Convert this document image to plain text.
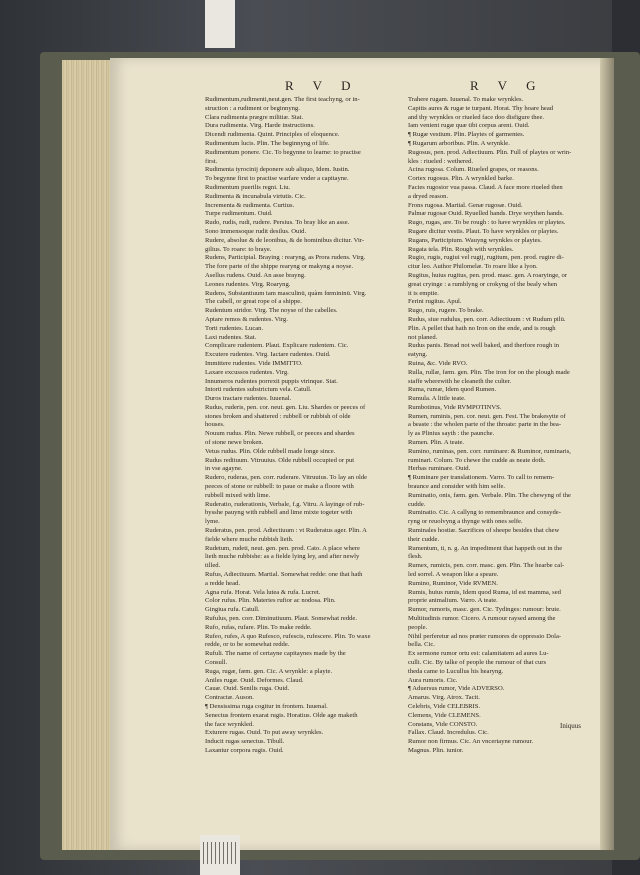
R V D	R V G
Rudimentum,rudimenti,neut.gen. The first teachyng, or in-
struction : a rudiment or beginnyng.
Clara rudimenta prægre militiæ. Stat.
Dura rudimenta. Virg. Harde instructions.
Dicendi rudimenta. Quint. Principles of eloquence.
Rudimentum lucis. Plin. The beginnyng of life.
Rudimentum ponere. Cic. To begynne to learne: to practise
first.
Rudimenta tyrocinij deponere sub aliquo, Idem. Iustin.
To begynne first to practise warfare vnder a capitayne.
Rudimentum puerilis regni. Liu.
Rudimenta & incunabula virtutis. Cic.
Incrementa & rudimenta. Curtius.
Turpe rudimentum. Ouid.
Rudo, rudis, rudi, rudere. Persius. To bray like an asse.
Sono immensoque rudit desilus. Ouid.
Rudere, absolue & de leonibus, & de hominibus dicitur. Vir-
gilius. To roare: to braye.
Rudens, Participial. Braying : rearyng, as Prora rudens. Virg.
The fore parte of the shippe rearyng or makyng a noyse.
Asellus rudens. Ouid. An asse brayng.
Leones rudentes. Virg. Roaryng.
Rudens, Substantiuum tam masculinū, quàm fœmininū. Virg.
The cabell, or great rope of a shippe.
Rudentum stridor. Virg. The noyse of the cabelles.
Aptare remos & rudentes. Virg.
Torti rudentes. Lucan.
Laxi rudentes. Stat.
Complicare rudentem. Plaut. Explicare rudentem. Cic.
Excutere rudentes. Virg. Iactare rudentes. Ouid.
Immittere rudentes. Vide IMMITTO.
Laxare excussos rudentes. Virg.
Innumeros rudentes porrexit puppis vtrinque. Stat.
Intorti rudentes substrictum vela. Catull.
Duros tractare rudentes. Iuuenal.
Rudus, ruderis, pen. cor. neut. gen. Liu. Shardes or peeces of
stones broken and shattered : rubbell or rubbish of olde
houses.
Nouum rudus. Plin. Newe rubbell, or peeces and shardes
of stone newe broken.
Vetus rudus. Plin. Olde rubbell made longe since.
Rudus redituum. Vitruuius. Olde rubbell occupied or put
in vse agayne.
Rudero, ruderas, pen. corr. ruderare. Vitruuius. To lay an olde
peeces of stone or rubbell: to paue or make a floore with
rubbell mixed with lime.
Ruderatio, ruderationis, Verbale, f.g. Vitru. A layinge of rub-
bysshe pauyng with rubbell and lime mixte togeter with
lyme.
Ruderatus, pen. prod. Adiectiuum : vt Ruderatus ager. Plin. A
fielde where muche rubbish lieth.
Rudetum, rudeti, neut. gen. pen. prod. Cato. A place where
lieth muche rubbishe: as a fielde lying ley, and after newly
tilled.
Rufus, Adiectiuum. Martial. Somewhat redde: one that hath
a redde head.
Agna rufa. Horat. Vela lutea & rufa. Lucret.
Color rufus. Plin. Materies rufior ac nodosa. Plin.
Gingiua rufa. Catull.
Rufulus, pen. corr. Diminutiuum. Plaut. Somewhat redde.
Rufo, rufas, rufare. Plin. To make redde.
Rufeo, rufes, A quo Rufesco, rufescis, rufescere. Plin. To waxe
redde, or to be somewhat redde.
Rufuli. The name of certayne capitaynes made by the
Consull.
Ruga, rugæ, fæm. gen. Cic. A wrynkle: a playte.
Aniles rugæ. Ouid. Deformes. Claud.
Cauæ. Ouid. Senilis ruga. Ouid.
Contractæ. Auson.
¶ Densissima ruga cogitur in frontem. Iuuenal.
Senectus frontem exarat rugis. Horatius. Olde age maketh
the face wrynkled.
Exturere rugas. Ouid. To put away wrynkles.
Inducit rugas senectus. Tibull.
Laxantur corpora rugis. Ouid.
Trahere rugam. Iuuenal. To make wrynkles.
Capitis aures & rugæ te turpant. Horat. Thy hoare head
and thy wrynkles or riueled face doo disfigure thee.
Iam venient rugæ quæ tibi corpus arent. Ouid.
¶ Rugæ vestium. Plin. Playtes of garmentes.
¶ Rugarum arboribus. Plin. A wrynkle.
Rugosus, pen. prod. Adiectiuum. Plin. Full of playtes or wrin-
kles : riueled : wethered.
Acina rugosa. Colum. Riueled grapes, or reasons.
Cortex rugosus. Plin. A wrynkled barke.
Facies rugosior vua passa. Claud. A face more riueled then
a dryed reason.
Frons rugosa. Martial. Genæ rugosæ. Ouid.
Palmæ rugosæ Ouid. Ryuelled hands. Drye wrythen hands.
Rugo, rugas, are. To be rough : to have wrynkles or playtes.
Rugare dicitur vestis. Plaut. To have wrynkles or playtes.
Rugans, Participium. Wauyng wrynkles or playtes.
Rugata tela. Plin. Rough with wrynkles.
Rugio, rugis, rugiui vel rugij, rugitum, pen. prod. rugire di-
citur leo. Author Philomelæ. To roare like a lyon.
Rugitus, huius rugitus, pen. prod. masc. gen. A roaryinge, or
great cryinge : a rumblyng or crokyng of the bealy when
it is emptie.
Ferini rugitus. Apul.
Rugo, ruis, rugere. To brake.
Rudus, siue rudulus, pen. corr. Adiectiuum : vt Rudum pilū.
Plin. A pellet that hath no Iron on the ende, and is rough
not planed.
Rudus panis. Bread not well baked, and therfore rough in
eatyng.
Ruina, &c. Vide RVO.
Rulla, rullæ, fæm. gen. Plin. The iron for on the plough made
staffe wherewith he cleaneth the culter.
Ruma, rumæ, Idem quod Rumen.
Rumula. A little teate.
Rumbotinus, Vide RVMPOTINVS.
Rumen, ruminis, pen. cor. neut. gen. Fest. The brakesytte of
a beaste : the wholen parte of the throate: parte in the bea-
ly as Plinius sayth : the paunche.
Rumen. Plin. A teate.
Rumino, ruminas, pen. corr. ruminare: & Ruminor, ruminaris,
ruminari. Colum. To chewe the cudde as neate doth.
Herbas ruminare. Ouid.
¶ Ruminare per translationem. Varro. To call to remem-
braunce and consider with him selfe.
Ruminatio, onis, fæm. gen. Verbale. Plin. The chewyng of the
cudde.
Ruminatio. Cic. A callyng to remembraunce and consyde-
ryng or reuolvyng a thynge with ones selfe.
Ruminales hostiæ. Sacrifices of sheepe besides that chew
their cudde.
Rumentum, ti, n. g. An impediment that happeth out in the
flesh.
Rumex, rumicis, pen. corr. masc. gen. Plin. The hearbe cal-
led sorrel. A weapon like a speare.
Rumino, Ruminor, Vide RVMEN.
Rumis, huius rumis, Idem quod Ruma, id est mamma, sed
proprie animalium. Varro. A teate.
Rumor, rumoris, masc. gen. Cic. Tydinges: rumour: brute.
Multitudinis rumor. Cicero. A rumour raysed among the
people.
Nihil perferetur ad nos præter rumores de oppressio Dola-
bella. Cic.
Ex sermone rumor ortu est: calamitatem ad aures Lu-
culli. Cic. By talke of people the rumour of that curs
theda came to Lucullus his hearyng.
Aura rumoris. Cic.
¶ Aduersus rumor, Vide ADVERSO.
Amarus. Virg. Atrox. Tacit.
Celebris, Vide CELEBRIS.
Clemens, Vide CLEMENS.
Constans, Vide CONSTO.
Fallax. Claud. Incredulus. Cic.
Rumor non firmus. Cic. An vncertayne rumour.
Magnus. Plin. iunior.
Iniquus
